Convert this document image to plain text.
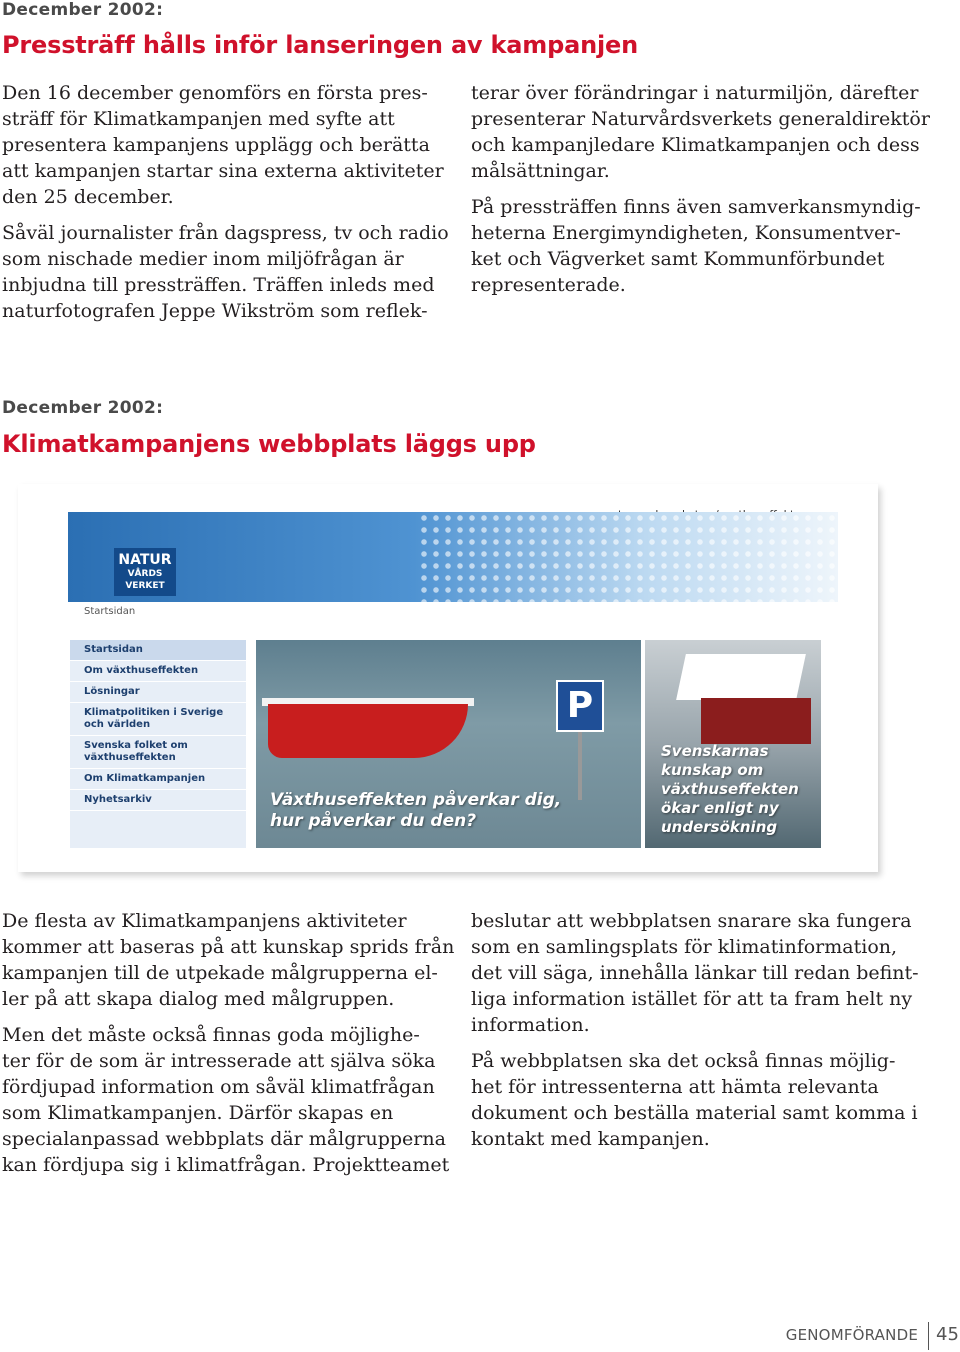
December 2002:
Pressträff hålls inför lanseringen av kampanjen

Den 16 december genomförs en första pres-
sträff för Klimatkampanjen med syfte att
presentera kampanjens upplägg och berätta
att kampanjen startar sina externa aktiviteter
den 25 december.

Såväl journalister från dagspress, tv och radio
som nischade medier inom miljöfrågan är
inbjudna till pressträffen. Träffen inleds med
naturfotografen Jeppe Wikström som reflek-

terar över förändringar i naturmiljön, därefter
presenterar Naturvårdsverkets generaldirektör
och kampanjledare Klimatkampanjen och dess
målsättningar.

På pressträffen finns även samverkansmyndig-
heterna Energimyndigheten, Konsumentver-
ket och Vägverket samt Kommunförbundet
representerade.

December 2002:
Klimatkampanjens webbplats läggs upp
NATUR
VÅRDS
VERKET
Startsidan
Startsidan
Om växthuseffekten
Lösningar
Klimatpolitiken i Sverige och världen
Svenska folket om växthuseffekten
Om Klimatkampanjen
Nyhetsarkiv
P
Växthuseffekten påverkar dig,
hur påverkar du den?
Svenskarnas
kunskap om
växthuseffekten
ökar enligt ny
undersökning

De flesta av Klimatkampanjens aktiviteter
kommer att baseras på att kunskap sprids från
kampanjen till de utpekade målgrupperna el-
ler på att skapa dialog med målgruppen.

Men det måste också finnas goda möjlighe-
ter för de som är intresserade att själva söka
fördjupad information om såväl klimatfrågan
som Klimatkampanjen. Därför skapas en
specialanpassad webbplats där målgrupperna
kan fördjupa sig i klimatfrågan. Projektteamet

beslutar att webbplatsen snarare ska fungera
som en samlingsplats för klimatinformation,
det vill säga, innehålla länkar till redan befint-
liga information istället för att ta fram helt ny
information.

På webbplatsen ska det också finnas möjlig-
het för intressenterna att hämta relevanta
dokument och beställa material samt komma i
kontakt med kampanjen.

GENOMFÖRANDE 45
